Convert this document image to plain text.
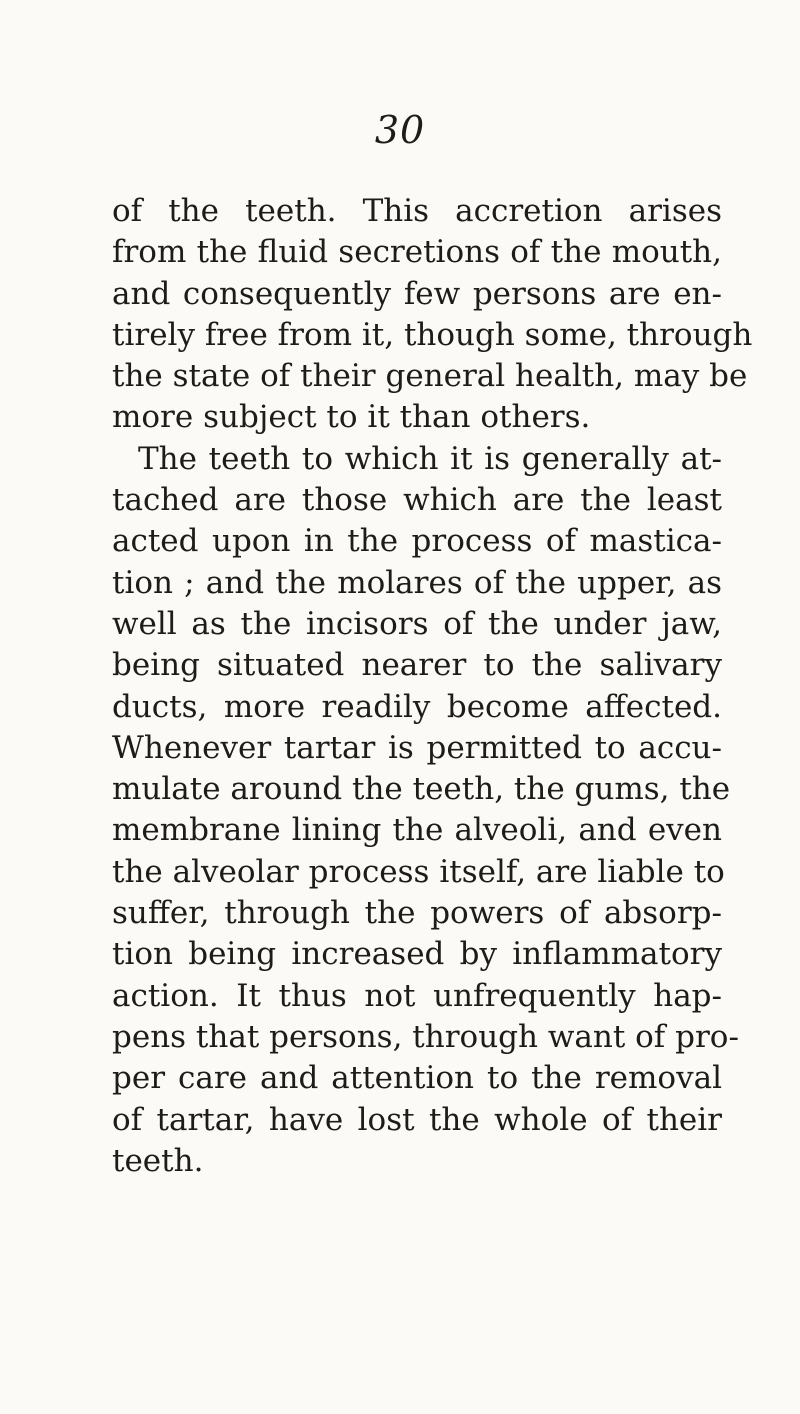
30
of the teeth. This accretion arises
from the fluid secretions of the mouth,
and consequently few persons are en-
tirely free from it, though some, through
the state of their general health, may be
more subject to it than others.
The teeth to which it is generally at-
tached are those which are the least
acted upon in the process of mastica-
tion ; and the molares of the upper, as
well as the incisors of the under jaw,
being situated nearer to the salivary
ducts, more readily become affected.
Whenever tartar is permitted to accu-
mulate around the teeth, the gums, the
membrane lining the alveoli, and even
the alveolar process itself, are liable to
suffer, through the powers of absorp-
tion being increased by inflammatory
action. It thus not unfrequently hap-
pens that persons, through want of pro-
per care and attention to the removal
of tartar, have lost the whole of their
teeth.
